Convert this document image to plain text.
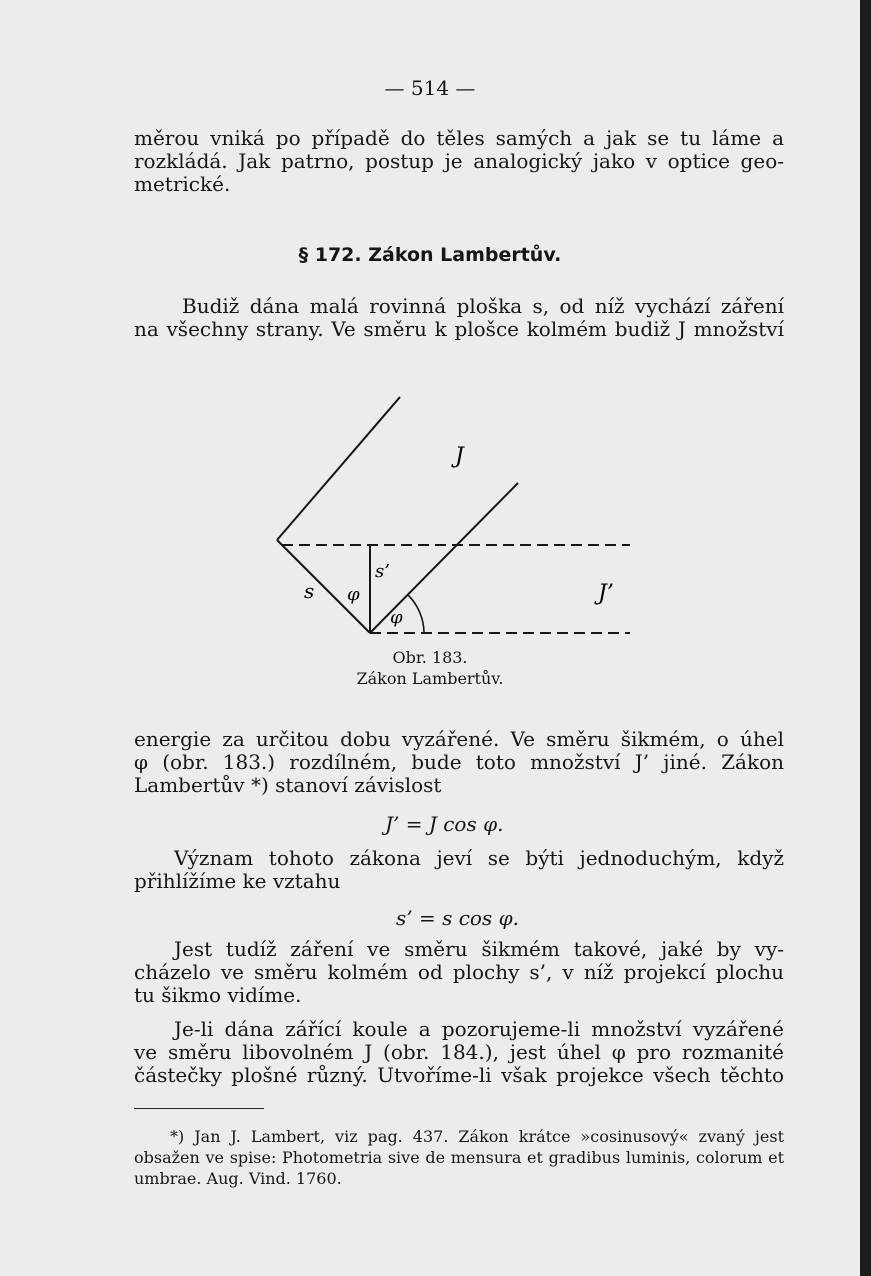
— 514 —
měrou vniká po případě do těles samých a jak se tu láme a
rozkládá. Jak patrno, postup je analogický jako v optice geo-
metrické.
§ 172. Zákon Lambertův.
Budiž dána malá rovinná ploška s, od níž vychází záření
na všechny strany. Ve směru k plošce kolmém budiž J množství
J
J’
s
s’
φ
φ
Obr. 183.
Zákon Lambertův.
energie za určitou dobu vyzářené. Ve směru šikmém, o úhel
φ (obr. 183.) rozdílném, bude toto množství J’ jiné. Zákon
Lambertův *) stanoví závislost
J’ = J cos φ.
Význam tohoto zákona jeví se býti jednoduchým, když
přihlížíme ke vztahu
s’ = s cos φ.
Jest tudíž záření ve směru šikmém takové, jaké by vy-
cházelo ve směru kolmém od plochy s’, v níž projekcí plochu
tu šikmo vidíme.
Je-li dána zářící koule a pozorujeme-li množství vyzářené
ve směru libovolném J (obr. 184.), jest úhel φ pro rozmanité
částečky plošné různý. Utvoříme-li však projekce všech těchto
*) Jan J. Lambert, viz pag. 437. Zákon krátce »cosinusový« zvaný jest
obsažen ve spise: Photometria sive de mensura et gradibus luminis, colorum et
umbrae. Aug. Vind. 1760.
